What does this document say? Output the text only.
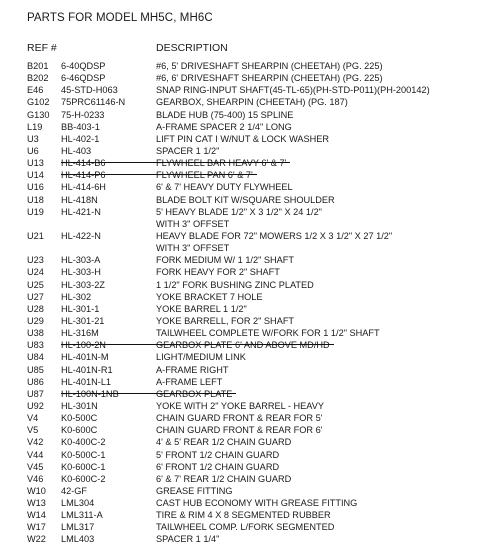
PARTS FOR MODEL MH5C, MH6C
REF #	DESCRIPTION
B201 6-40QDSP	#6, 5' DRIVESHAFT SHEARPIN (CHEETAH) (PG. 225)
B202 6-46QDSP	#6, 6' DRIVESHAFT SHEARPIN (CHEETAH) (PG. 225)
E46 45-STD-H063	SNAP RING-INPUT SHAFT(45-TL-65)(PH-STD-P011)(PH-200142)
G102 75PRC61146-N	GEARBOX, SHEARPIN (CHEETAH) (PG. 187)
G130 75-H-0233	BLADE HUB (75-400) 15 SPLINE
L19 BB-403-1	A-FRAME SPACER 2 1/4" LONG
U3 HL-402-1	LIFT PIN CAT I W/NUT & LOCK WASHER
U6 HL-403	SPACER 1 1/2"
U13 HL-414-B6	FLYWHEEL BAR HEAVY 6' & 7'
U14 HL-414-P6	FLYWHEEL PAN 6' & 7'
U16 HL-414-6H	6' & 7' HEAVY DUTY FLYWHEEL
U18 HL-418N	BLADE BOLT KIT W/SQUARE SHOULDER
U19 HL-421-N	5' HEAVY BLADE 1/2" X 3 1/2" X 24 1/2"
WITH 3" OFFSET
U21 HL-422-N	HEAVY BLADE FOR 72" MOWERS 1/2 X 3 1/2" X 27 1/2"
WITH 3" OFFSET
U23 HL-303-A	FORK MEDIUM W/ 1 1/2" SHAFT
U24 HL-303-H	FORK HEAVY FOR 2" SHAFT
U25 HL-303-2Z	1 1/2" FORK BUSHING ZINC PLATED
U27 HL-302	YOKE BRACKET 7 HOLE
U28 HL-301-1	YOKE BARREL 1 1/2"
U29 HL-301-21	YOKE BARRELL, FOR 2" SHAFT
U38 HL-316M	TAILWHEEL COMPLETE W/FORK FOR 1 1/2" SHAFT
U83 HL-100-2N	GEARBOX PLATE 6' AND ABOVE MD/HD
U84 HL-401N-M	LIGHT/MEDIUM LINK
U85 HL-401N-R1	A-FRAME RIGHT
U86 HL-401N-L1	A-FRAME LEFT
U87 HL-100N-1NB	GEARBOX PLATE
U92 HL-301N	YOKE WITH 2" YOKE BARREL - HEAVY
V4 K0-500C	CHAIN GUARD FRONT & REAR FOR 5'
V5 K0-600C	CHAIN GUARD FRONT & REAR FOR 6'
V42 K0-400C-2	4' & 5' REAR 1/2 CHAIN GUARD
V44 K0-500C-1	5' FRONT 1/2 CHAIN GUARD
V45 K0-600C-1	6' FRONT 1/2 CHAIN GUARD
V46 K0-600C-2	6' & 7' REAR 1/2 CHAIN GUARD
W10 42-GF	GREASE FITTING
W13 LML304	CAST HUB ECONOMY WITH GREASE FITTING
W14 LML311-A	TIRE & RIM 4 X 8 SEGMENTED RUBBER
W17 LML317	TAILWHEEL COMP. L/FORK SEGMENTED
W22 LML403	SPACER 1 1/4"
